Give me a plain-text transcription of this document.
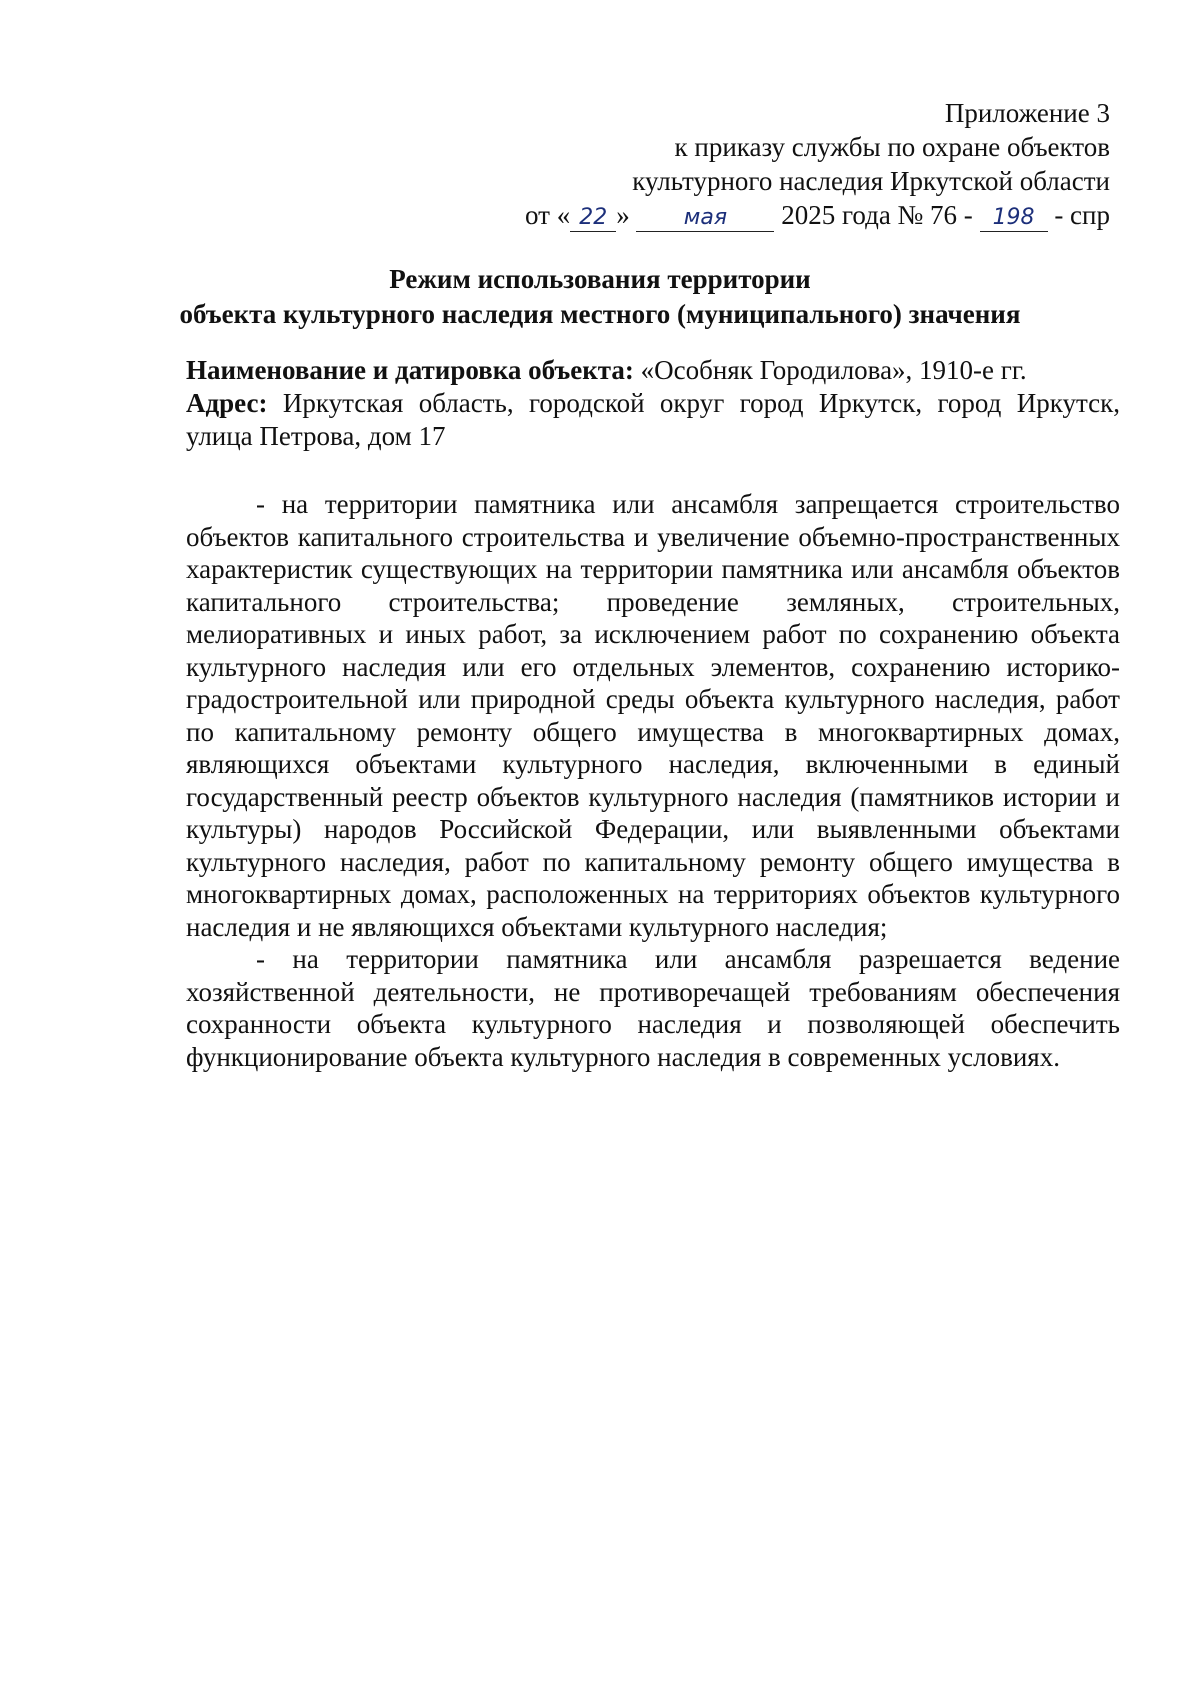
Приложение 3
к приказу службы по охране объектов
культурного наследия Иркутской области
от « 22 » мая 2025 года № 76 - 198 - спр
Режим использования территории
объекта культурного наследия местного (муниципального) значения

Наименование и датировка объекта: «Особняк Городилова», 1910-е гг.

Адрес: Иркутская область, городской округ город Иркутск, город Иркутск, улица Петрова, дом 17

- на территории памятника или ансамбля запрещается строительство объектов капитального строительства и увеличение объемно-пространственных характеристик существующих на территории памятника или ансамбля объектов капитального строительства; проведение земляных, строительных, мелиоративных и иных работ, за исключением работ по сохранению объекта культурного наследия или его отдельных элементов, сохранению историко-градостроительной или природной среды объекта культурного наследия, работ по капитальному ремонту общего имущества в многоквартирных домах, являющихся объектами культурного наследия, включенными в единый государственный реестр объектов культурного наследия (памятников истории и культуры) народов Российской Федерации, или выявленными объектами культурного наследия, работ по капитальному ремонту общего имущества в многоквартирных домах, расположенных на территориях объектов культурного наследия и не являющихся объектами культурного наследия;

- на территории памятника или ансамбля разрешается ведение хозяйственной деятельности, не противоречащей требованиям обеспечения сохранности объекта культурного наследия и позволяющей обеспечить функционирование объекта культурного наследия в современных условиях.
